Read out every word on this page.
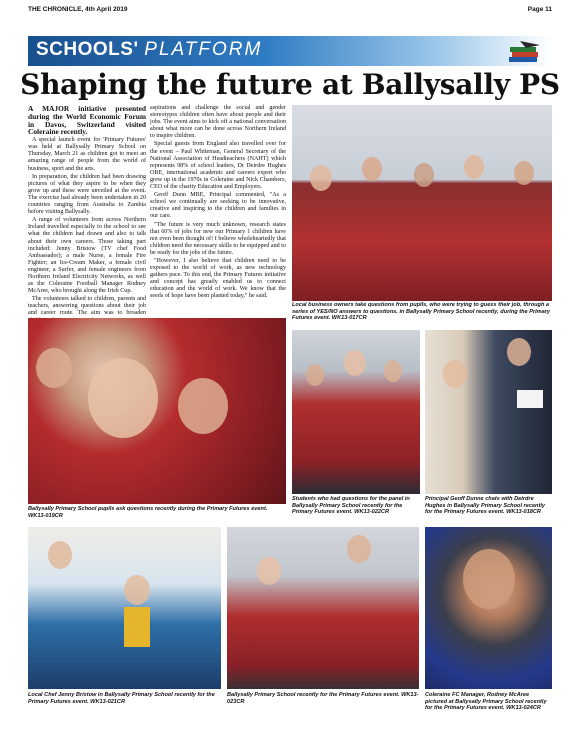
THE CHRONICLE, 4th April 2019	Page 11
SCHOOLS' PLATFORM
Shaping the future at Ballysally PS

A MAJOR initiative presented during the World Economic Forum in Davos, Switzerland visited Coleraine recently.

A special launch event for 'Primary Futures' was held at Ballysally Primary School on Thursday, March 21 as children got to meet an amazing range of people from the world of business, sport and the arts.

In preparation, the children had been drawing pictures of what they aspire to be when they grow up and these were unveiled at the event. The exercise had already been undertaken in 20 countries ranging from Australia to Zambia before visiting Ballysally.

A range of volunteers from across Northern Ireland travelled especially to the school to see what the children had drawn and also to talk about their own careers. Those taking part included: Jenny Bristow (TV chef Food Ambassador); a male Nurse, a female Fire Fighter; an Ice-Cream Maker, a female civil engineer, a Surfer, and female engineers from Northern Ireland Electricity Networks, as well as the Coleraine Football Manager Rodney McAree, who brought along the Irish Cup.

The volunteers talked to children, parents and teachers, answering questions about their job and career route. The aim was to broaden

aspirations and challenge the social and gender stereotypes children often have about people and their jobs. The event aims to kick off a national conversation about what more can be done across Northern Ireland to inspire children.

Special guests from England also travelled over for the event – Paul Whiteman, General Secretary of the National Association of Headteachers (NAHT) which represents 98% of school leaders, Dr Deirdre Hughes OBE, international academic and careers expert who grew up in the 1970s in Coleraine and Nick Chambers, CEO of the charity Education and Employers.

Geoff Dunn MBE, Principal commented, "As a school we continually are seeking to be innovative, creative and inspiring to the children and families in our care.

"The future is very much unknown, research states that 60% of jobs for new our Primary 1 children have not even been thought of! I believe wholeheartedly that children need the necessary skills to be equipped and to be ready for the jobs of the future.

"However, I also believe that children need to be exposed to the world of work, as new technology gathers pace. To this end, the Primary Futures initiative and concept has greatly enabled us to connect education and the world of work. We know that the seeds of hope have been planted today," he said.

Local business owners take questions from pupils, who were trying to guess their job, through a series of YES/NO answers to questions, in Ballysally Primary School recently, during the Primary Futures event. WK13-017CR
Ballysally Primary School pupils ask questions recently during the Primary Futures event. WK13-019CR
Students who had questions for the panel in Ballysally Primary School recently for the Primary Futures event. WK13-022CR
Principal Geoff Dunne chats with Deirdre Hughes in Ballysally Primary School recently for the Primary Futures event. WK13-018CR
Local Chef Jenny Bristow in Ballysally Primary School recently for the Primary Futures event. WK13-021CR
Ballysally Primary School recently for the Primary Futures event. WK13-023CR
Coleraine FC Manager, Rodney McAree pictured at Ballysally Primary School recently for the Primary Futures event. WK13-024CR
